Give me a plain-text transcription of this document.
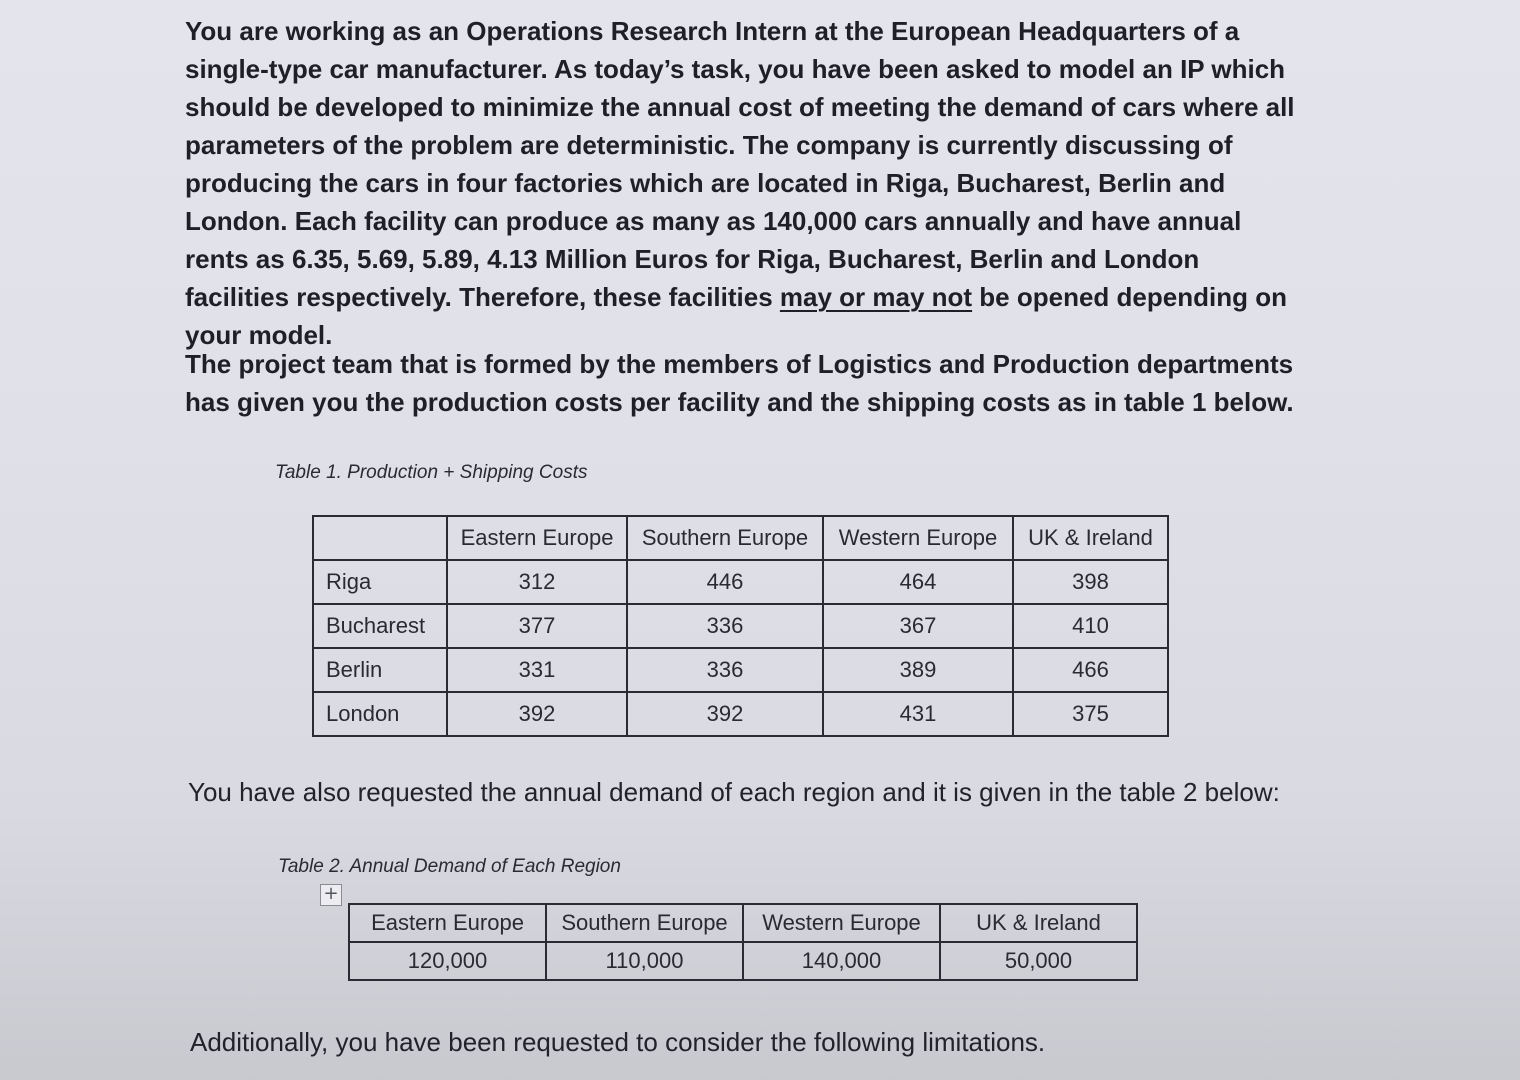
You are working as an Operations Research Intern at the European Headquarters of a single-type car manufacturer. As today’s task, you have been asked to model an IP which should be developed to minimize the annual cost of meeting the demand of cars where all parameters of the problem are deterministic. The company is currently discussing of producing the cars in four factories which are located in Riga, Bucharest, Berlin and London. Each facility can produce as many as 140,000 cars annually and have annual rents as 6.35, 5.69, 5.89, 4.13 Million Euros for Riga, Bucharest, Berlin and London facilities respectively. Therefore, these facilities may or may not be opened depending on your model.

The project team that is formed by the members of Logistics and Production departments has given you the production costs per facility and the shipping costs as in table 1 below.

Table 1. Production + Shipping Costs

	Eastern Europe	Southern Europe	Western Europe	UK & Ireland
Riga	312	446	464	398
Bucharest	377	336	367	410
Berlin	331	336	389	466
London	392	392	431	375

You have also requested the annual demand of each region and it is given in the table 2 below:

Table 2. Annual Demand of Each Region

+
Eastern Europe	Southern Europe	Western Europe	UK & Ireland
120,000	110,000	140,000	50,000

Additionally, you have been requested to consider the following limitations.
